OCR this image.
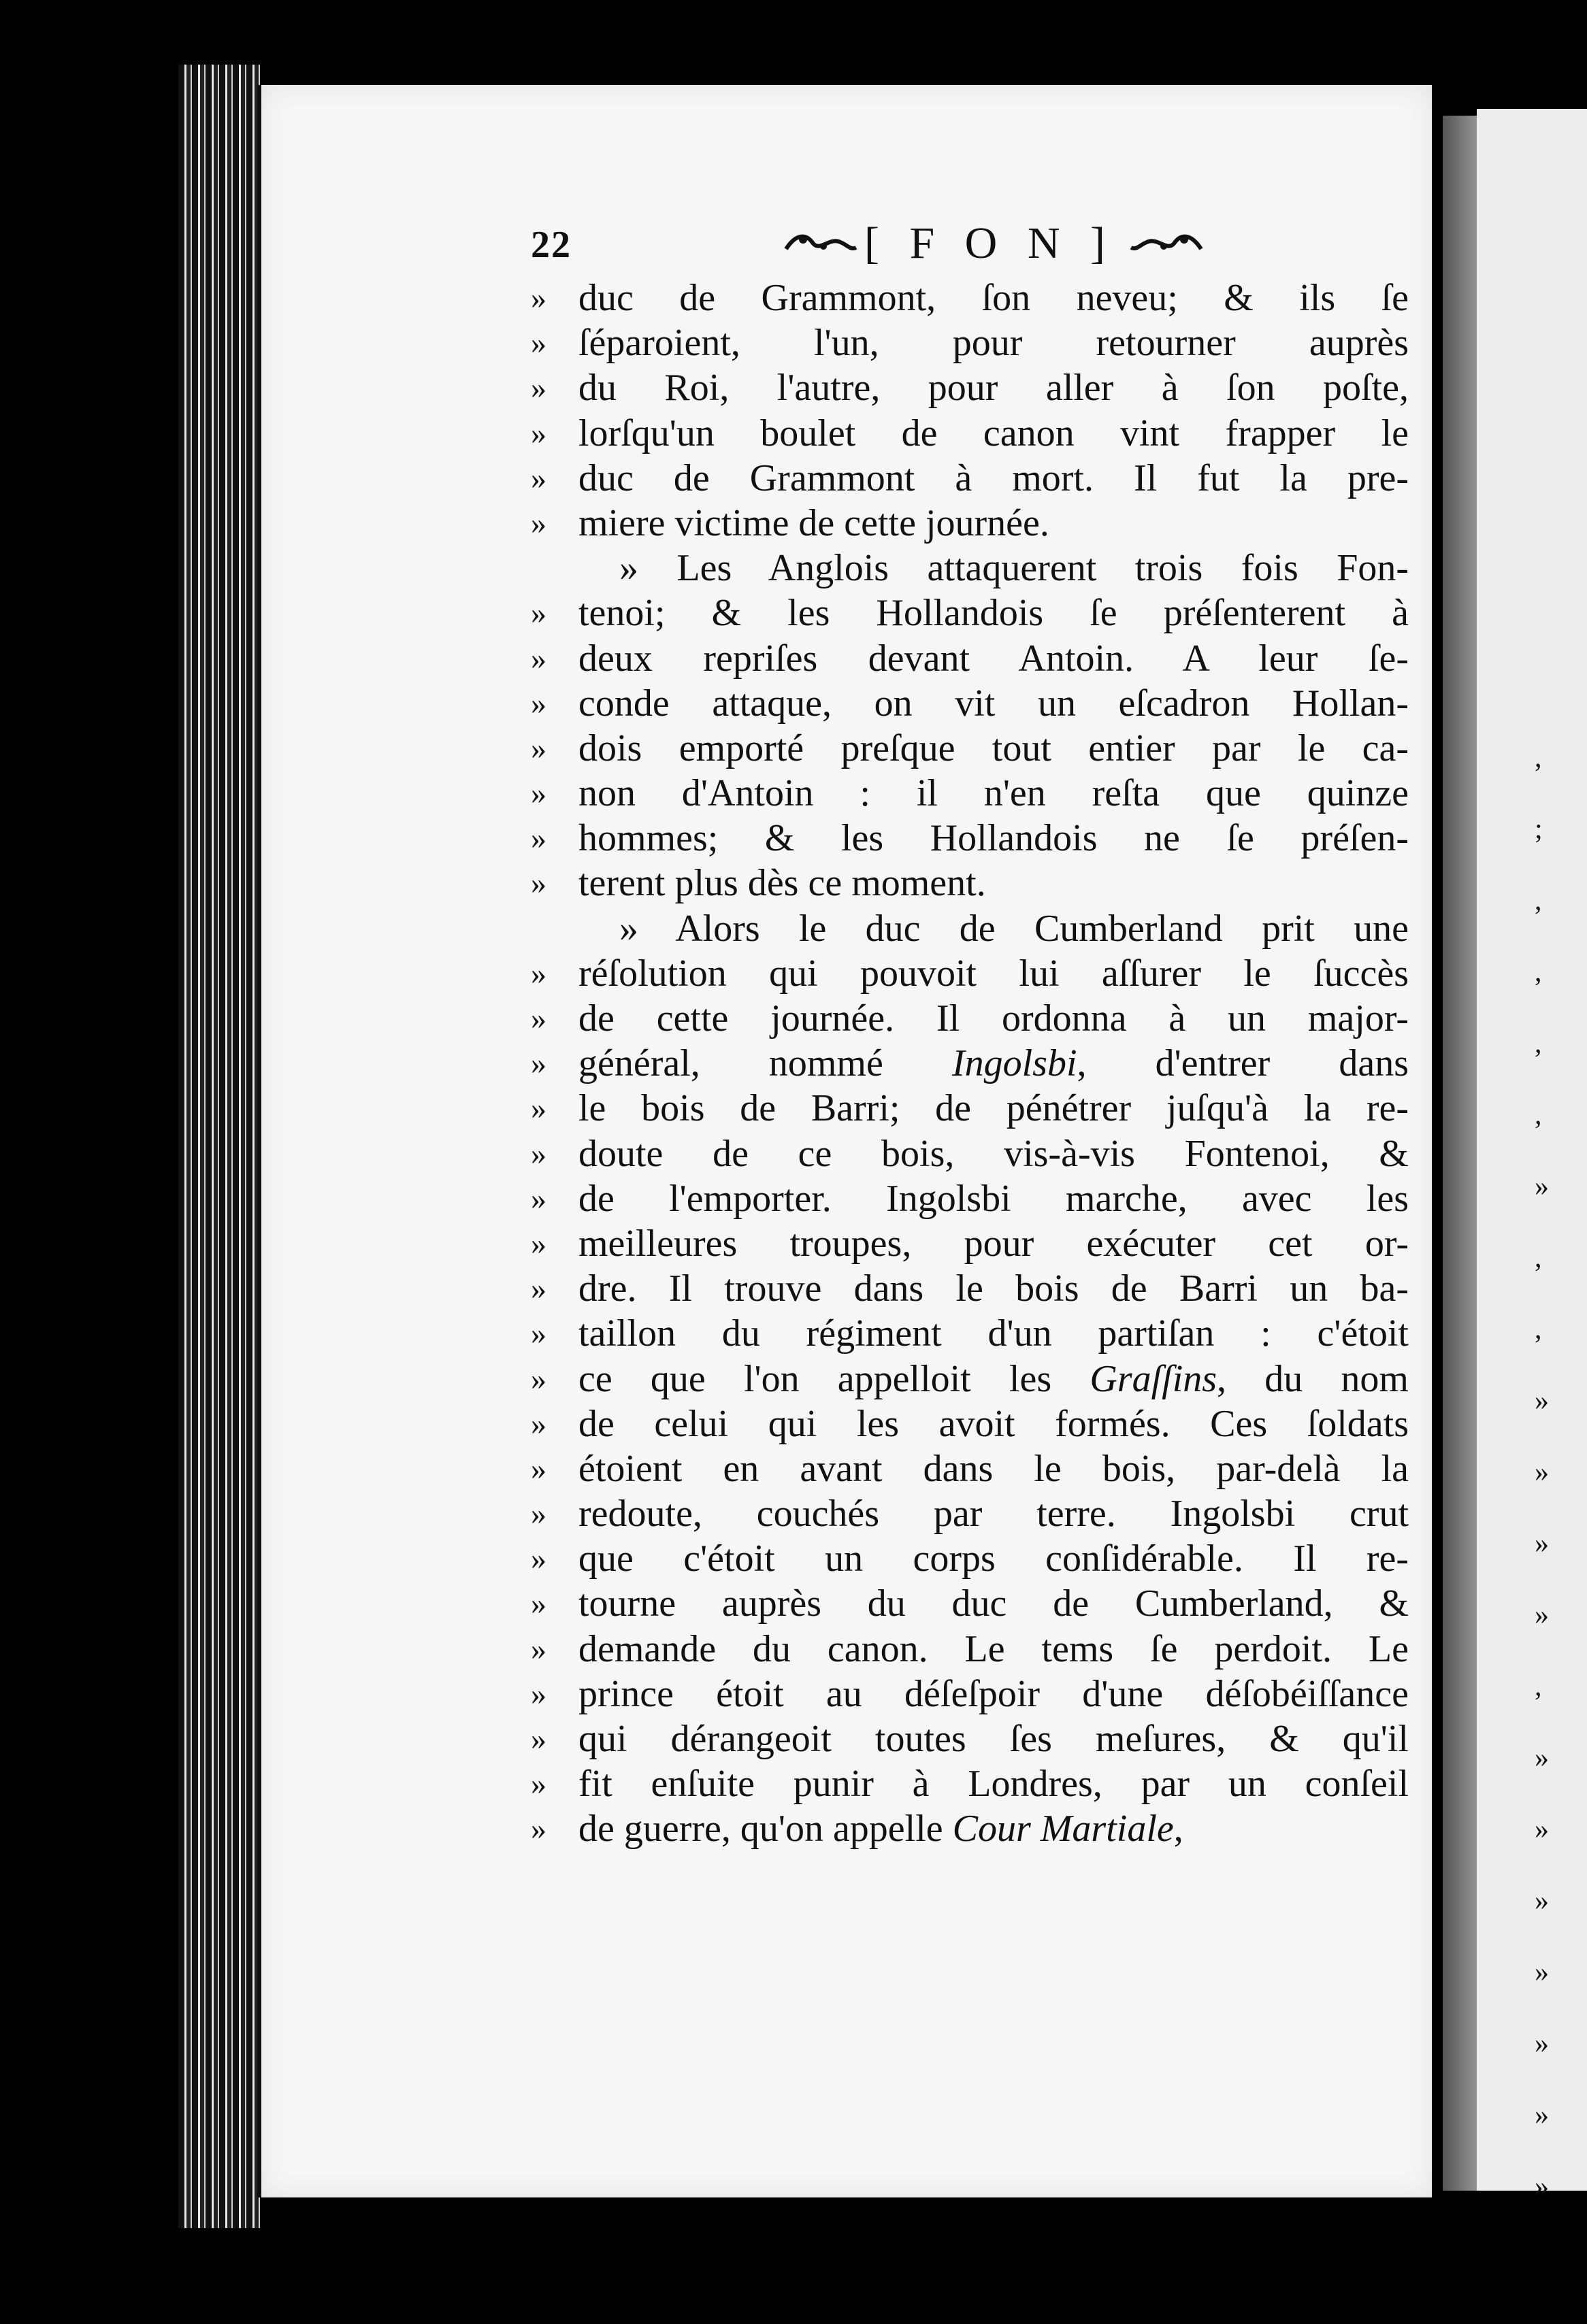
,
;
,
,
,
,
»
,
,
»
»
»
»
,
»
»
»
»
»
»
»
22	[ F O N ]
» duc de Grammont, ſon neveu; & ils ſe
» ſéparoient, l'un, pour retourner auprès
» du Roi, l'autre, pour aller à ſon poſte,
» lorſqu'un boulet de canon vint frapper le
» duc de Grammont à mort. Il fut la pre-
» miere victime de cette journée.
» Les Anglois attaquerent trois fois Fon-
» tenoi; & les Hollandois ſe préſenterent à
» deux repriſes devant Antoin. A leur ſe-
» conde attaque, on vit un eſcadron Hollan-
» dois emporté preſque tout entier par le ca-
» non d'Antoin : il n'en reſta que quinze
» hommes; & les Hollandois ne ſe préſen-
» terent plus dès ce moment.
» Alors le duc de Cumberland prit une
» réſolution qui pouvoit lui aſſurer le ſuccès
» de cette journée. Il ordonna à un major-
» général, nommé Ingolsbi, d'entrer dans
» le bois de Barri; de pénétrer juſqu'à la re-
» doute de ce bois, vis-à-vis Fontenoi, &
» de l'emporter. Ingolsbi marche, avec les
» meilleures troupes, pour exécuter cet or-
» dre. Il trouve dans le bois de Barri un ba-
» taillon du régiment d'un partiſan : c'étoit
» ce que l'on appelloit les Graſſins, du nom
» de celui qui les avoit formés. Ces ſoldats
» étoient en avant dans le bois, par-delà la
» redoute, couchés par terre. Ingolsbi crut
» que c'étoit un corps conſidérable. Il re-
» tourne auprès du duc de Cumberland, &
» demande du canon. Le tems ſe perdoit. Le
» prince étoit au déſeſpoir d'une déſobéiſſance
» qui dérangeoit toutes ſes meſures, & qu'il
» fit enſuite punir à Londres, par un conſeil
» de guerre, qu'on appelle Cour Martiale,
